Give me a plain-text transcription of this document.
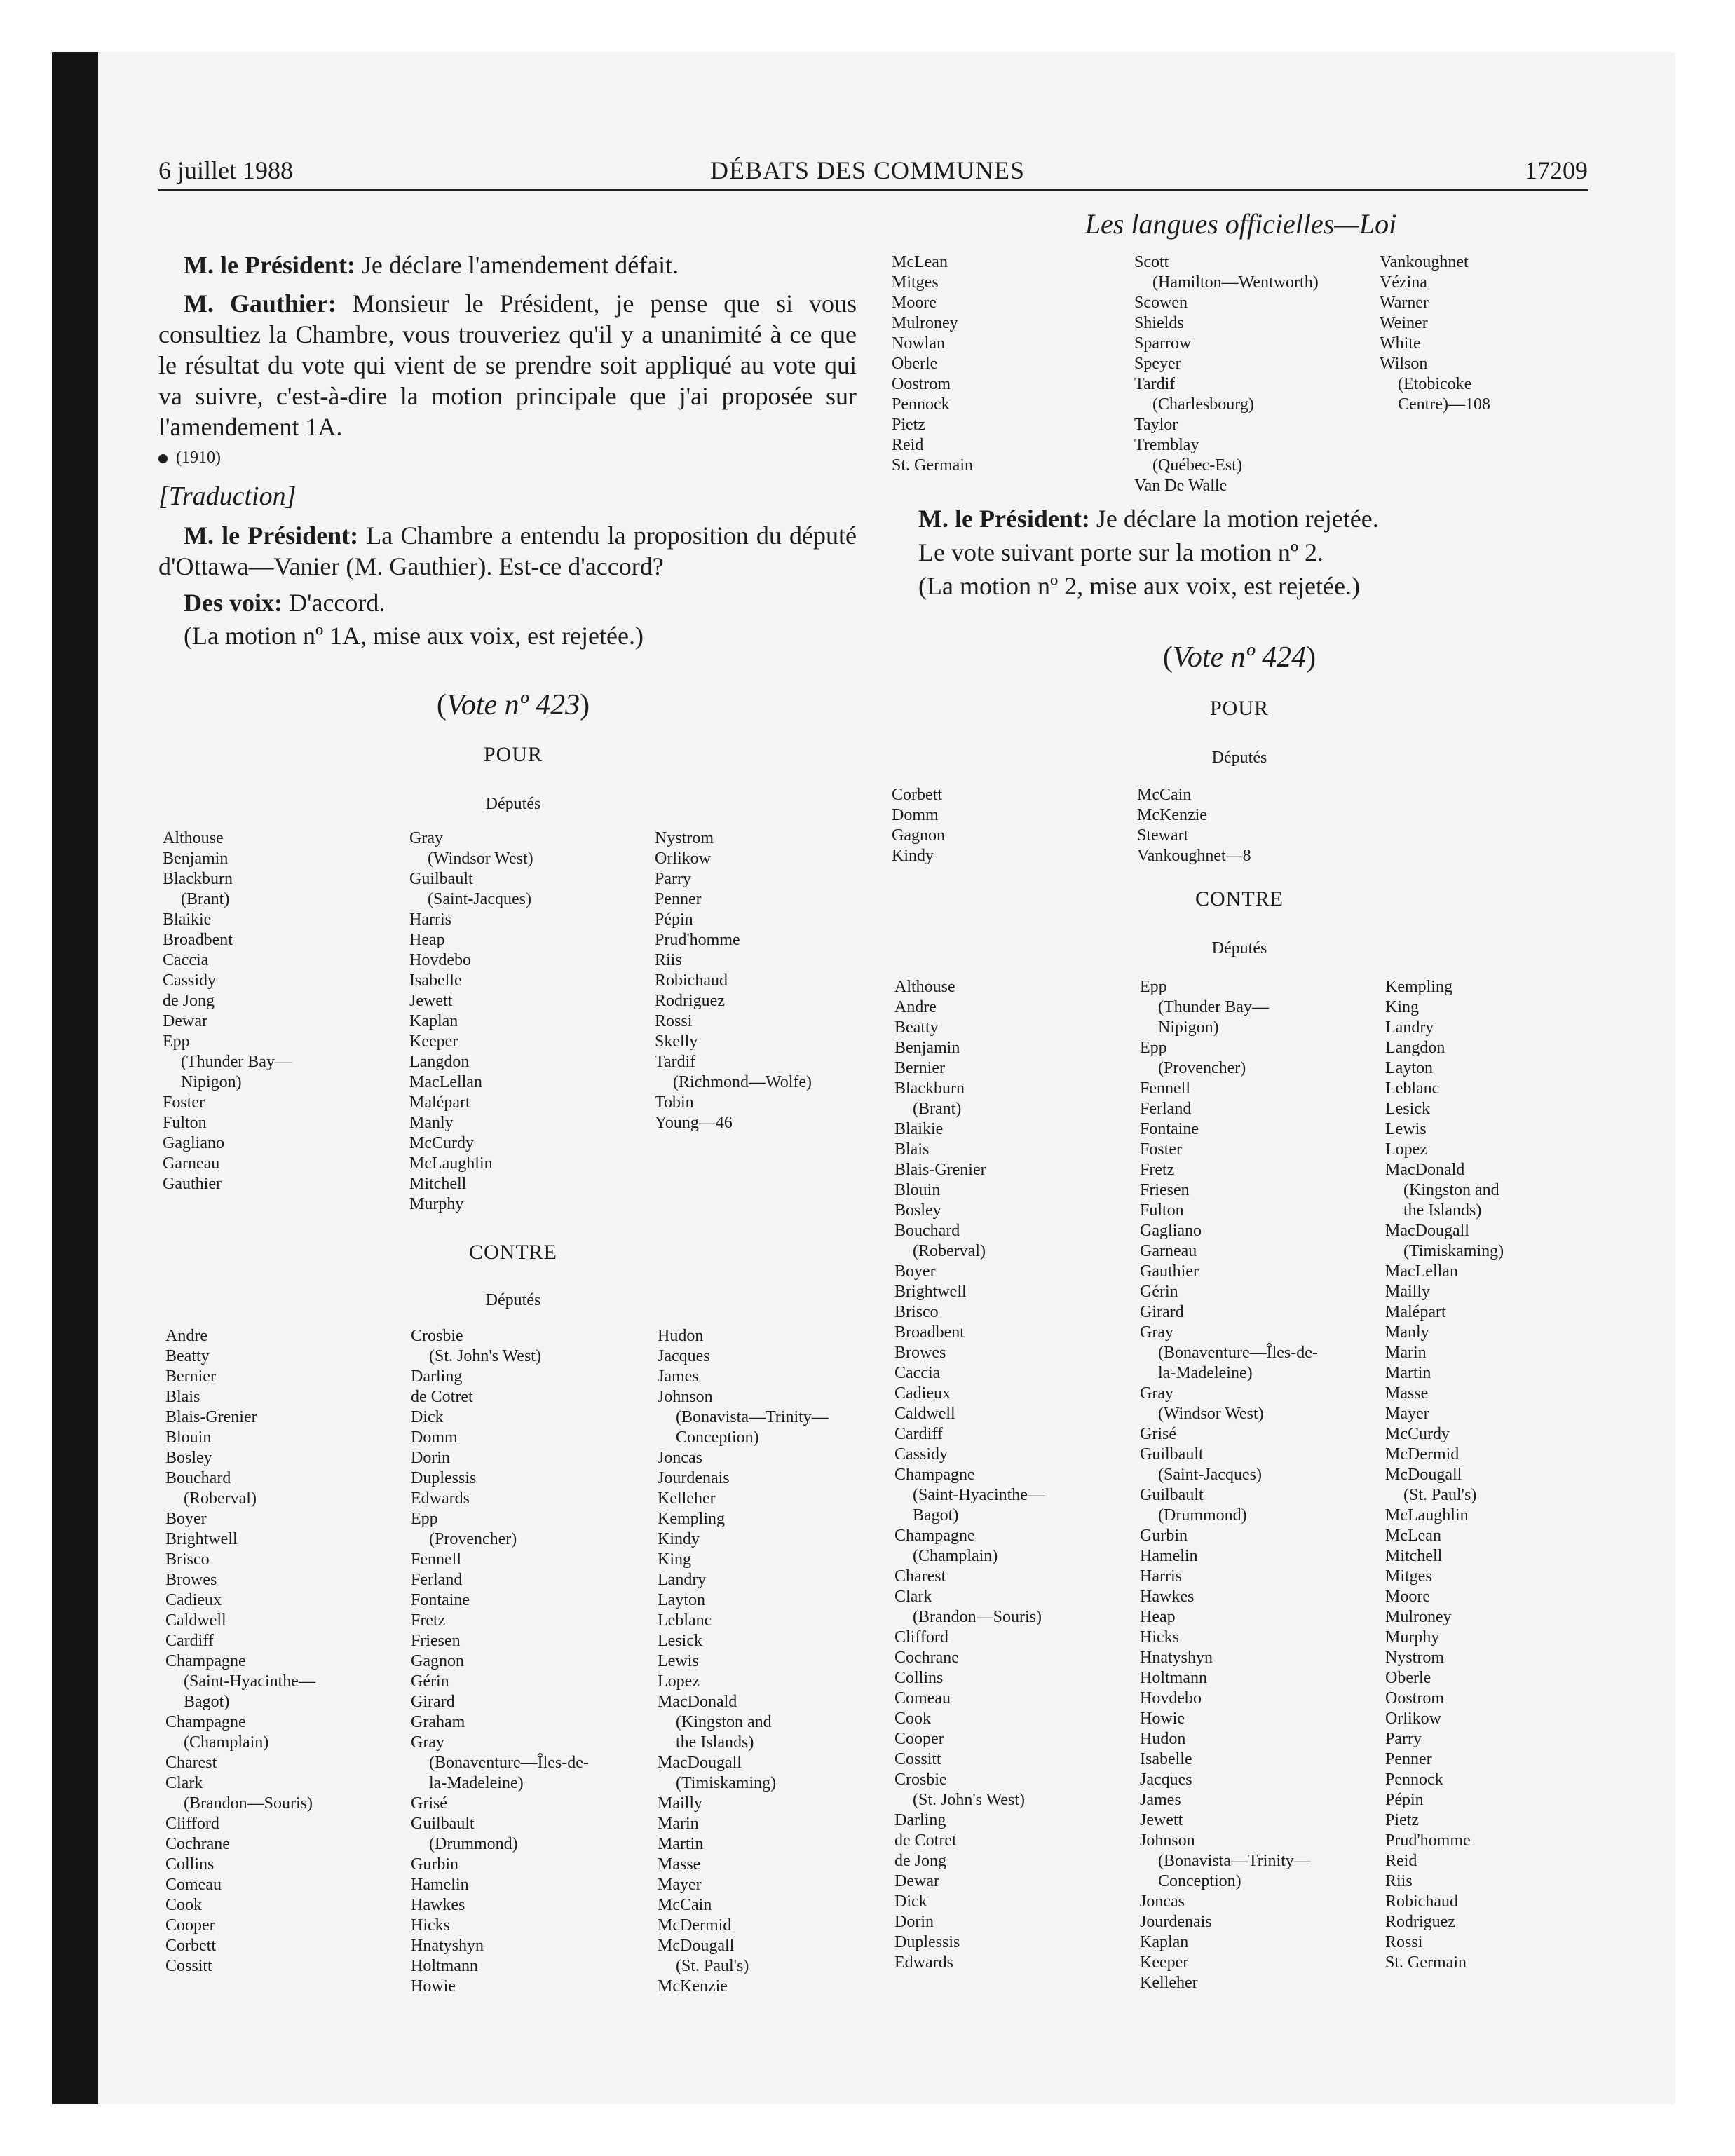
6 juillet 1988	DÉBATS DES COMMUNES	17209
Les langues officielles—Loi

M. le Président: Je déclare l'amendement défait.

M. Gauthier: Monsieur le Président, je pense que si vous consultiez la Chambre, vous trouveriez qu'il y a unanimité à ce que le résultat du vote qui vient de se prendre soit appliqué au vote qui va suivre, c'est-à-dire la motion principale que j'ai proposée sur l'amendement 1A.

(1910)
[Traduction]

M. le Président: La Chambre a entendu la proposition du député d'Ottawa—Vanier (M. Gauthier). Est-ce d'accord?

Des voix: D'accord.

(La motion nº 1A, mise aux voix, est rejetée.)

(Vote nº 423)
POUR
Députés
Althouse
Benjamin
Blackburn
(Brant)
Blaikie
Broadbent
Caccia
Cassidy
de Jong
Dewar
Epp
(Thunder Bay—
Nipigon)
Foster
Fulton
Gagliano
Garneau
Gauthier
Gray
(Windsor West)
Guilbault
(Saint-Jacques)
Harris
Heap
Hovdebo
Isabelle
Jewett
Kaplan
Keeper
Langdon
MacLellan
Malépart
Manly
McCurdy
McLaughlin
Mitchell
Murphy
Nystrom
Orlikow
Parry
Penner
Pépin
Prud'homme
Riis
Robichaud
Rodriguez
Rossi
Skelly
Tardif
(Richmond—Wolfe)
Tobin
Young—46
CONTRE
Députés
Andre
Beatty
Bernier
Blais
Blais-Grenier
Blouin
Bosley
Bouchard
(Roberval)
Boyer
Brightwell
Brisco
Browes
Cadieux
Caldwell
Cardiff
Champagne
(Saint-Hyacinthe—
Bagot)
Champagne
(Champlain)
Charest
Clark
(Brandon—Souris)
Clifford
Cochrane
Collins
Comeau
Cook
Cooper
Corbett
Cossitt
Crosbie
(St. John's West)
Darling
de Cotret
Dick
Domm
Dorin
Duplessis
Edwards
Epp
(Provencher)
Fennell
Ferland
Fontaine
Fretz
Friesen
Gagnon
Gérin
Girard
Graham
Gray
(Bonaventure—Îles-de-
la-Madeleine)
Grisé
Guilbault
(Drummond)
Gurbin
Hamelin
Hawkes
Hicks
Hnatyshyn
Holtmann
Howie
Hudon
Jacques
James
Johnson
(Bonavista—Trinity—
Conception)
Joncas
Jourdenais
Kelleher
Kempling
Kindy
King
Landry
Layton
Leblanc
Lesick
Lewis
Lopez
MacDonald
(Kingston and
the Islands)
MacDougall
(Timiskaming)
Mailly
Marin
Martin
Masse
Mayer
McCain
McDermid
McDougall
(St. Paul's)
McKenzie
McLean
Mitges
Moore
Mulroney
Nowlan
Oberle
Oostrom
Pennock
Pietz
Reid
St. Germain
Scott
(Hamilton—Wentworth)
Scowen
Shields
Sparrow
Speyer
Tardif
(Charlesbourg)
Taylor
Tremblay
(Québec-Est)
Van De Walle
Vankoughnet
Vézina
Warner
Weiner
White
Wilson
(Etobicoke
Centre)—108

M. le Président: Je déclare la motion rejetée.

Le vote suivant porte sur la motion nº 2.

(La motion nº 2, mise aux voix, est rejetée.)

(Vote nº 424)
POUR
Députés
Corbett
Domm
Gagnon
Kindy
McCain
McKenzie
Stewart
Vankoughnet—8
CONTRE
Députés
Althouse
Andre
Beatty
Benjamin
Bernier
Blackburn
(Brant)
Blaikie
Blais
Blais-Grenier
Blouin
Bosley
Bouchard
(Roberval)
Boyer
Brightwell
Brisco
Broadbent
Browes
Caccia
Cadieux
Caldwell
Cardiff
Cassidy
Champagne
(Saint-Hyacinthe—
Bagot)
Champagne
(Champlain)
Charest
Clark
(Brandon—Souris)
Clifford
Cochrane
Collins
Comeau
Cook
Cooper
Cossitt
Crosbie
(St. John's West)
Darling
de Cotret
de Jong
Dewar
Dick
Dorin
Duplessis
Edwards
Epp
(Thunder Bay—
Nipigon)
Epp
(Provencher)
Fennell
Ferland
Fontaine
Foster
Fretz
Friesen
Fulton
Gagliano
Garneau
Gauthier
Gérin
Girard
Gray
(Bonaventure—Îles-de-
la-Madeleine)
Gray
(Windsor West)
Grisé
Guilbault
(Saint-Jacques)
Guilbault
(Drummond)
Gurbin
Hamelin
Harris
Hawkes
Heap
Hicks
Hnatyshyn
Holtmann
Hovdebo
Howie
Hudon
Isabelle
Jacques
James
Jewett
Johnson
(Bonavista—Trinity—
Conception)
Joncas
Jourdenais
Kaplan
Keeper
Kelleher
Kempling
King
Landry
Langdon
Layton
Leblanc
Lesick
Lewis
Lopez
MacDonald
(Kingston and
the Islands)
MacDougall
(Timiskaming)
MacLellan
Mailly
Malépart
Manly
Marin
Martin
Masse
Mayer
McCurdy
McDermid
McDougall
(St. Paul's)
McLaughlin
McLean
Mitchell
Mitges
Moore
Mulroney
Murphy
Nystrom
Oberle
Oostrom
Orlikow
Parry
Penner
Pennock
Pépin
Pietz
Prud'homme
Reid
Riis
Robichaud
Rodriguez
Rossi
St. Germain
